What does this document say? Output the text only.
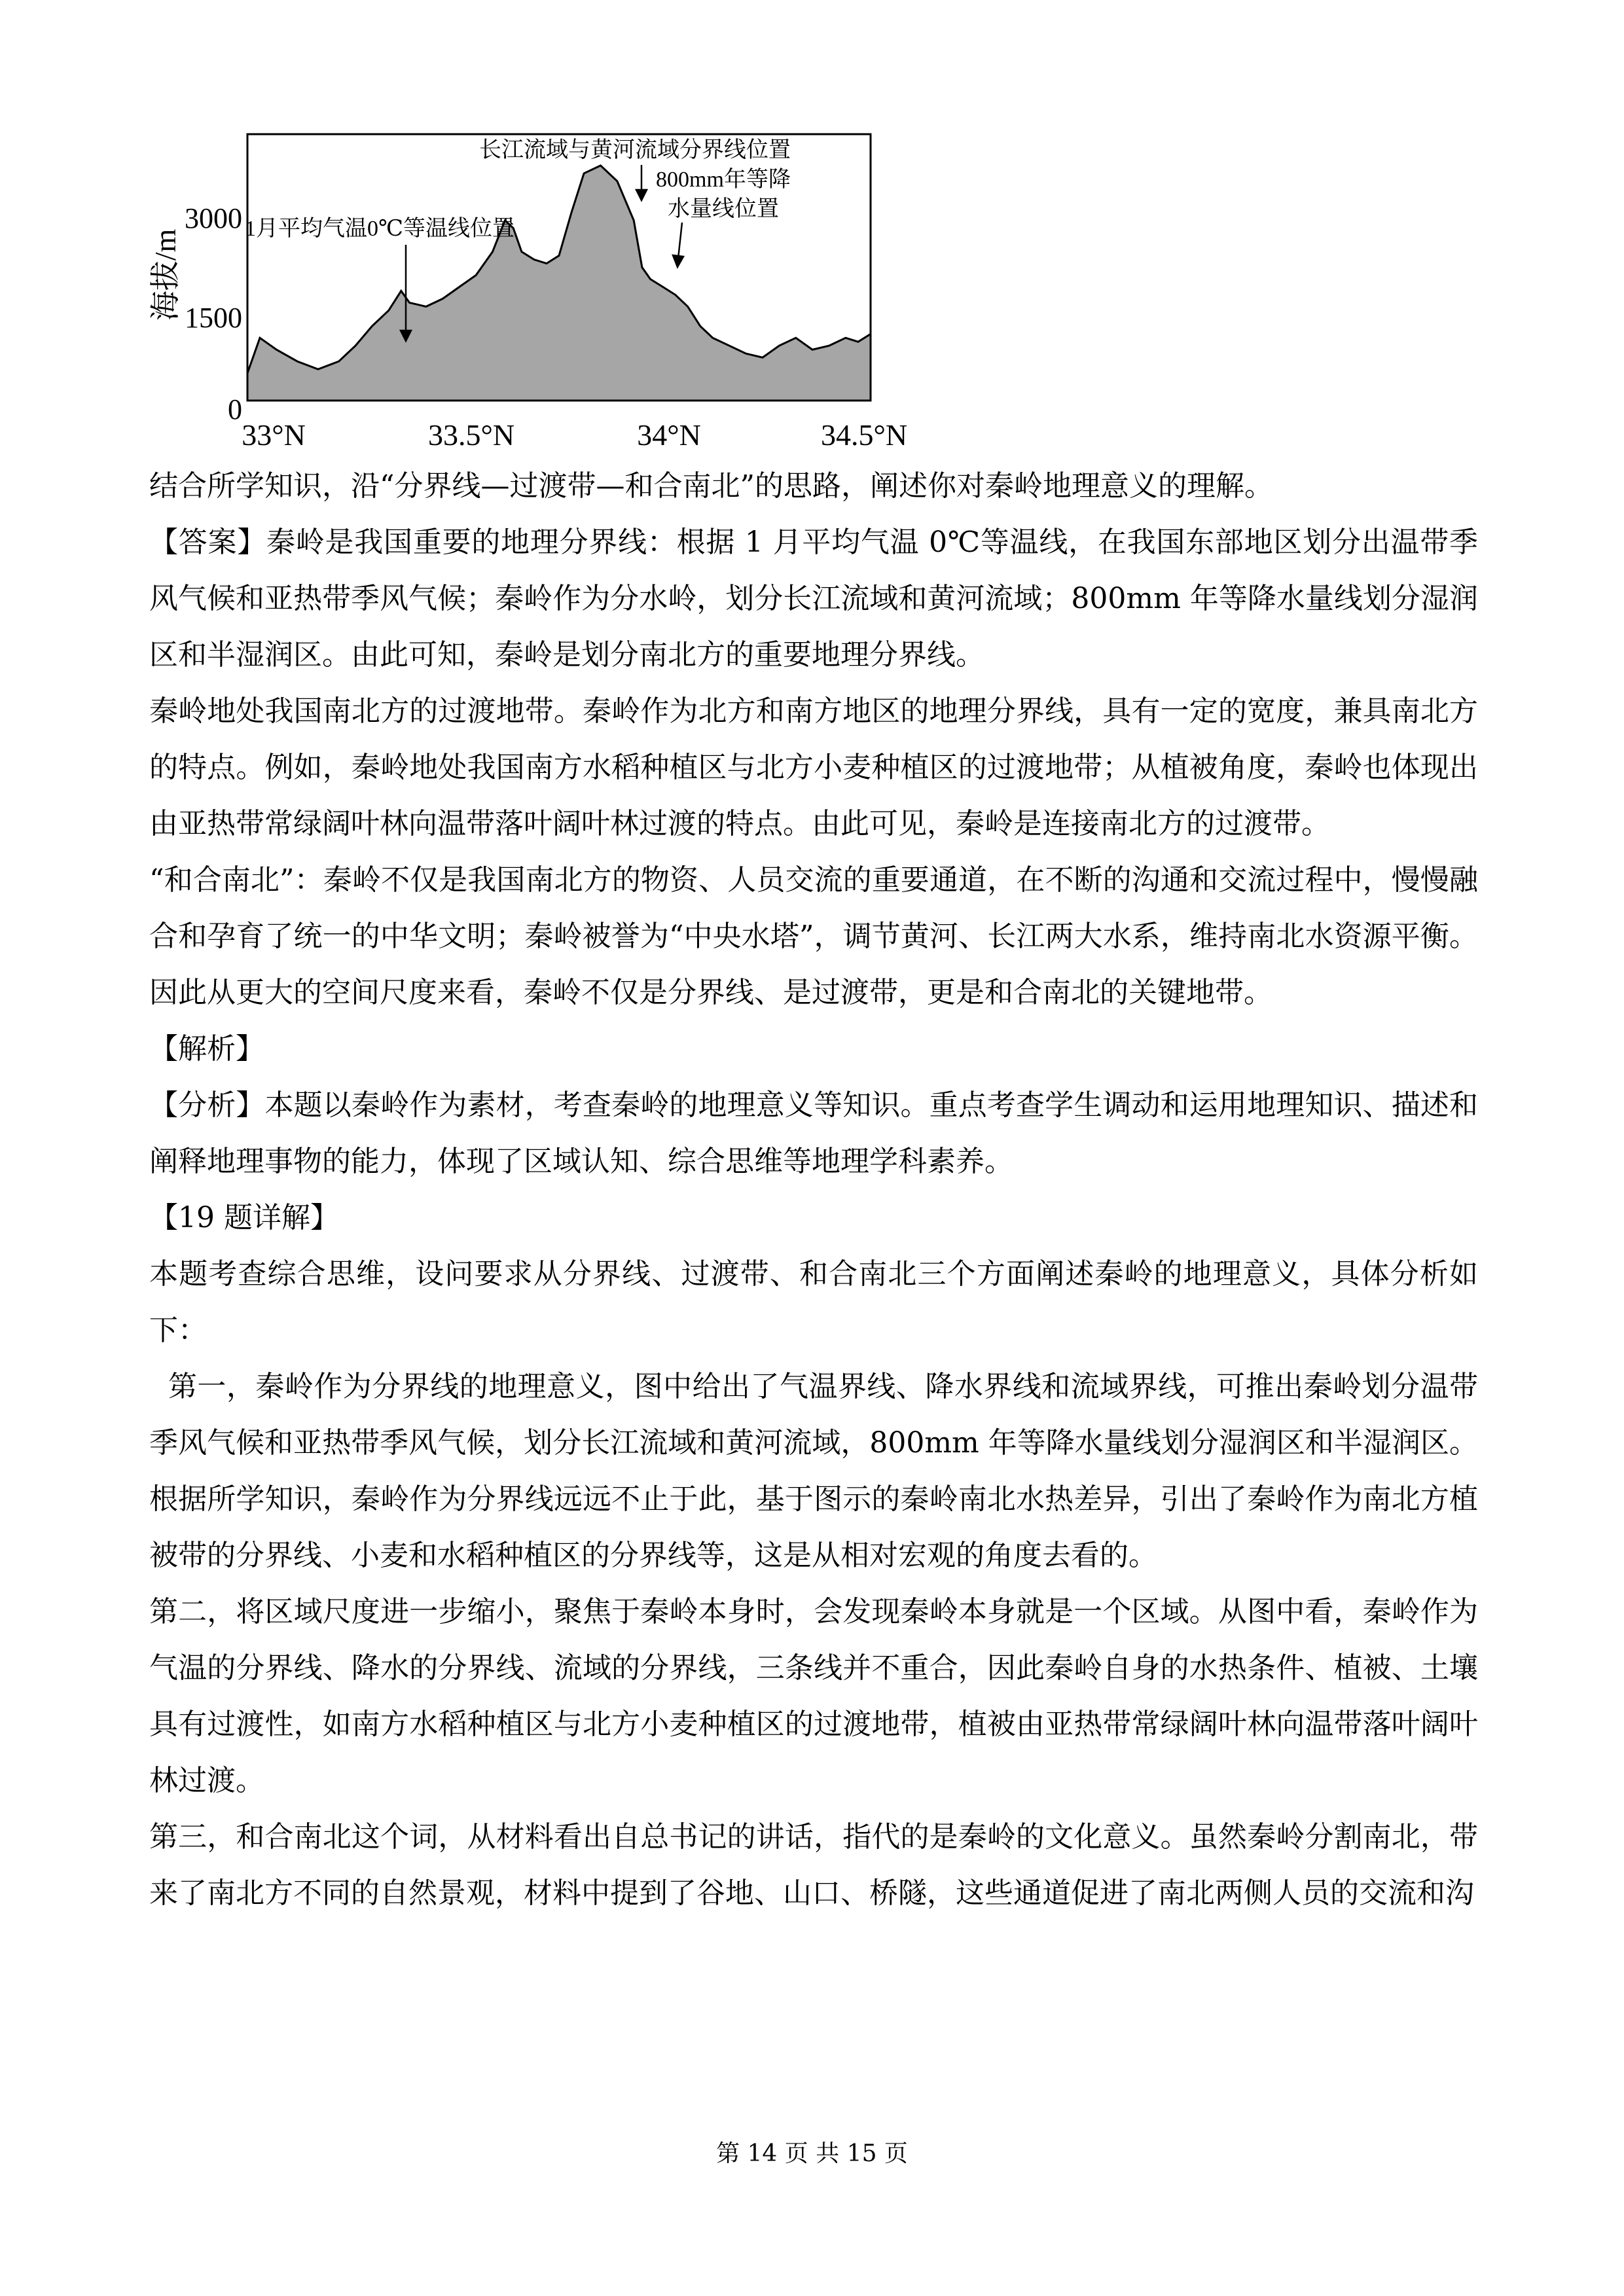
海拔/m
3000
1500
0
33°N	33.5°N	34°N	34.5°N
长江流域与黄河流域分界线位置
800mm年等降
水量线位置
1月平均气温0℃等温线位置

结合所学知识，沿“分界线—过渡带—和合南北”的思路，阐述你对秦岭地理意义的理解。

【答案】秦岭是我国重要的地理分界线：根据 1 月平均气温 0℃等温线，在我国东部地区划分出温带季风气候和亚热带季风气候；秦岭作为分水岭，划分长江流域和黄河流域；800mm 年等降水量线划分湿润区和半湿润区。由此可知，秦岭是划分南北方的重要地理分界线。

秦岭地处我国南北方的过渡地带。秦岭作为北方和南方地区的地理分界线，具有一定的宽度，兼具南北方的特点。例如，秦岭地处我国南方水稻种植区与北方小麦种植区的过渡地带；从植被角度，秦岭也体现出由亚热带常绿阔叶林向温带落叶阔叶林过渡的特点。由此可见，秦岭是连接南北方的过渡带。

“和合南北”：秦岭不仅是我国南北方的物资、人员交流的重要通道，在不断的沟通和交流过程中，慢慢融合和孕育了统一的中华文明；秦岭被誉为“中央水塔”，调节黄河、长江两大水系，维持南北水资源平衡。因此从更大的空间尺度来看，秦岭不仅是分界线、是过渡带，更是和合南北的关键地带。

【解析】

【分析】本题以秦岭作为素材，考查秦岭的地理意义等知识。重点考查学生调动和运用地理知识、描述和阐释地理事物的能力，体现了区域认知、综合思维等地理学科素养。

【19 题详解】

本题考查综合思维，设问要求从分界线、过渡带、和合南北三个方面阐述秦岭的地理意义，具体分析如下：

第一，秦岭作为分界线的地理意义，图中给出了气温界线、降水界线和流域界线，可推出秦岭划分温带季风气候和亚热带季风气候，划分长江流域和黄河流域，800mm 年等降水量线划分湿润区和半湿润区。根据所学知识，秦岭作为分界线远远不止于此，基于图示的秦岭南北水热差异，引出了秦岭作为南北方植被带的分界线、小麦和水稻种植区的分界线等，这是从相对宏观的角度去看的。

第二，将区域尺度进一步缩小，聚焦于秦岭本身时，会发现秦岭本身就是一个区域。从图中看，秦岭作为气温的分界线、降水的分界线、流域的分界线，三条线并不重合，因此秦岭自身的水热条件、植被、土壤具有过渡性，如南方水稻种植区与北方小麦种植区的过渡地带，植被由亚热带常绿阔叶林向温带落叶阔叶林过渡。

第三，和合南北这个词，从材料看出自总书记的讲话，指代的是秦岭的文化意义。虽然秦岭分割南北，带来了南北方不同的自然景观，材料中提到了谷地、山口、桥隧，这些通道促进了南北两侧人员的交流和沟

第 14 页 共 15 页
